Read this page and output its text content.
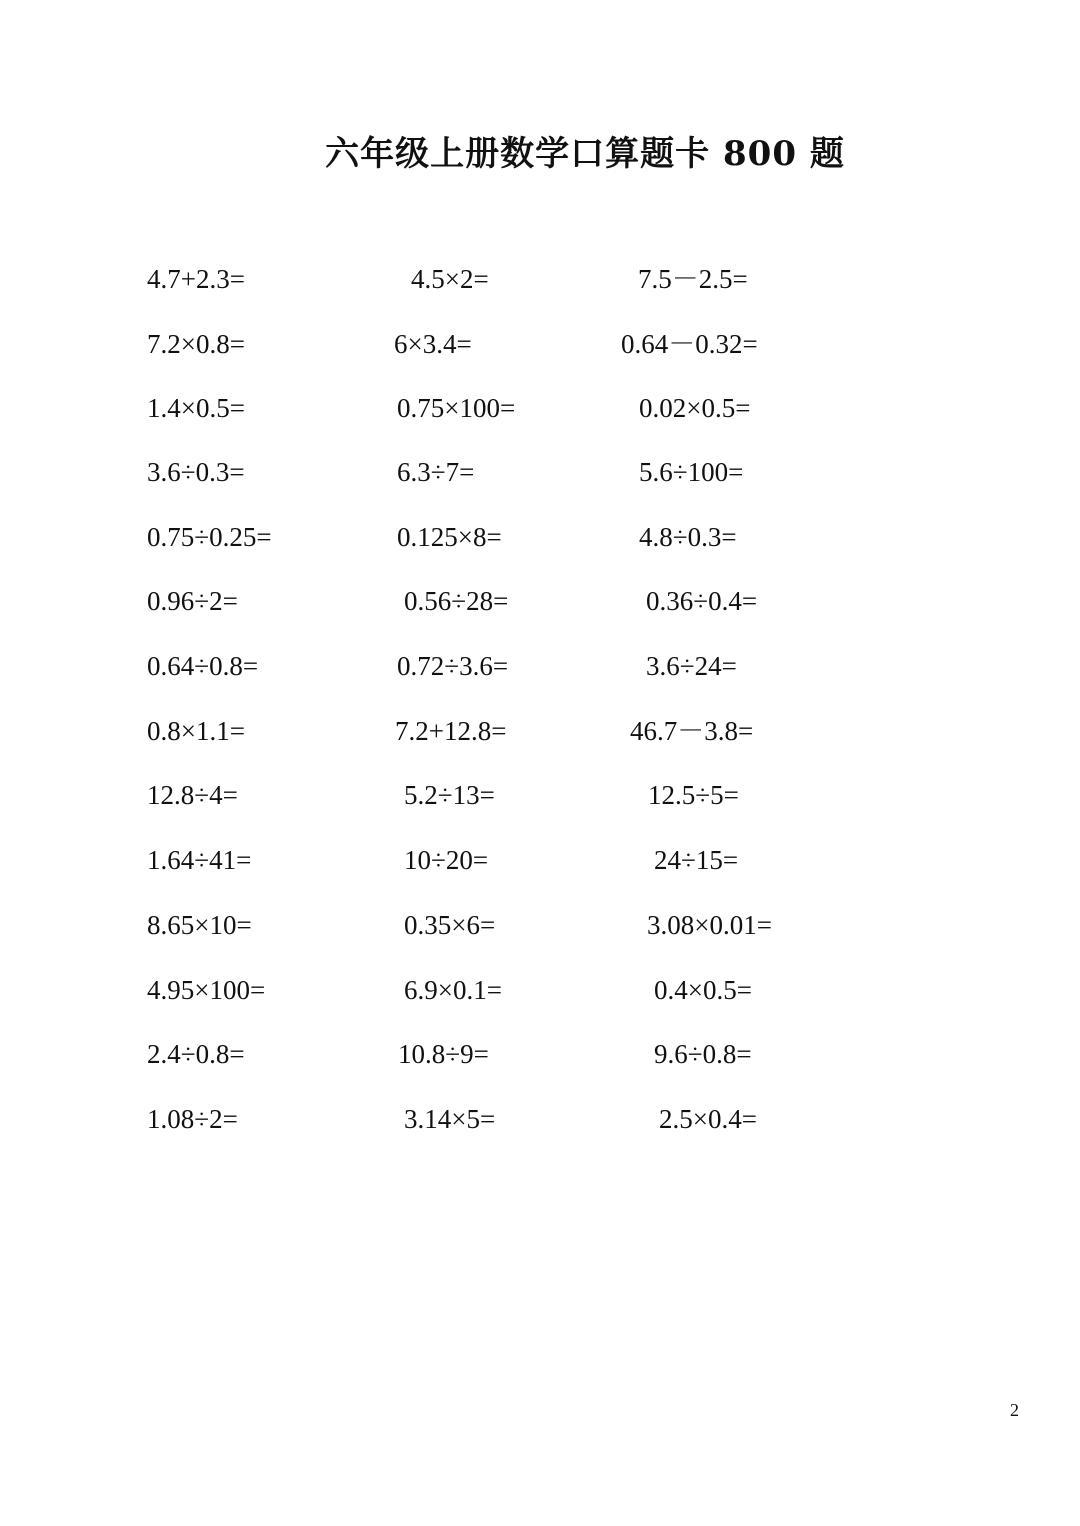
六年级上册数学口算题卡 800 题
4.7+2.3=	4.5×2=	7.5－2.5=
7.2×0.8=	6×3.4=	0.64－0.32=
1.4×0.5=	0.75×100=	0.02×0.5=
3.6÷0.3=	6.3÷7=	5.6÷100=
0.75÷0.25=	0.125×8=	4.8÷0.3=
0.96÷2=	0.56÷28=	0.36÷0.4=
0.64÷0.8=	0.72÷3.6=	3.6÷24=
0.8×1.1=	7.2+12.8=	46.7－3.8=
12.8÷4=	5.2÷13=	12.5÷5=
1.64÷41=	10÷20=	24÷15=
8.65×10=	0.35×6=	3.08×0.01=
4.95×100=	6.9×0.1=	0.4×0.5=
2.4÷0.8=	10.8÷9=	9.6÷0.8=
1.08÷2=	3.14×5=	2.5×0.4=
2
